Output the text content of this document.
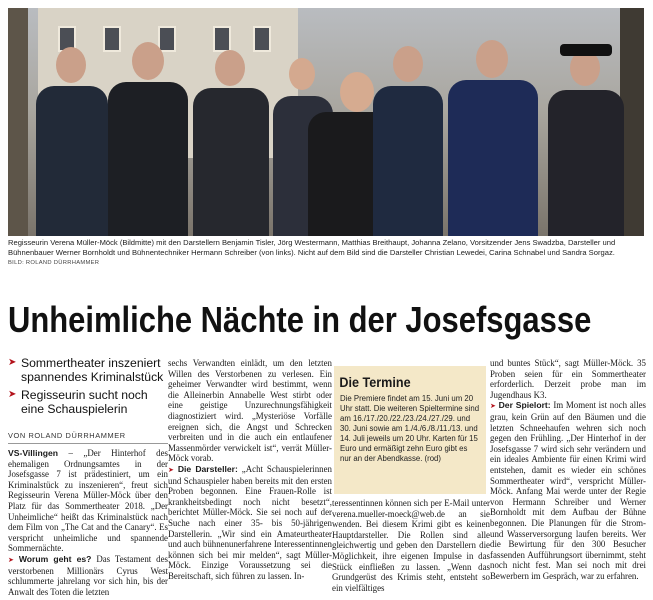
Regisseurin Verena Müller-Möck (Bildmitte) mit den Darstellern Benjamin Tisler, Jörg Westermann, Matthias Breithaupt, Johanna Zelano, Vorsitzender Jens Swadzba, Darsteller und Bühnenbauer Werner Bornholdt und Bühnentechniker Hermann Schreiber (von links). Nicht auf dem Bild sind die Darsteller Christian Lewedei, Carina Schnabel und Sandra Sorgaz.
BILD: ROLAND DÜRRHAMMER
Unheimliche Nächte in der Josefsgasse
➤ Sommertheater inszeniert spannendes Kriminalstück
➤ Regisseurin sucht noch eine Schauspielerin
VON ROLAND DÜRRHAMMER

VS-Villingen – „Der Hinterhof des ehemaligen Ordnungsamtes in der Josefsgasse 7 ist prädestiniert, um ein Kriminalstück zu inszenieren“, freut sich Regisseurin Verena Müller-Möck über den Platz für das Sommertheater 2018. „Der Unheimliche“ heißt das Kriminalstück nach dem Film von „The Cat and the Canary“. Es verspricht unheimliche und spannende Sommernächte.

➤ Worum geht es? Das Testament des verstorbenen Millionärs Cyrus West schlummerte jahrelang vor sich hin, bis der Anwalt des Toten die letzten

sechs Verwandten einlädt, um den letzten Willen des Verstorbenen zu verlesen. Ein geheimer Verwandter wird bestimmt, wenn die Alleinerbin Annabelle West stirbt oder eine geistige Unzurechnungsfähigkeit diagnostiziert wird. „Mysteriöse Vorfälle ereignen sich, die Angst und Schrecken verbreiten und in die auch ein entlaufener Massenmörder verwickelt ist“, verrät Müller-Möck vorab.

➤ Die Darsteller: „Acht Schauspielerinnen und Schauspieler haben bereits mit den ersten Proben begonnen. Eine Frauen-Rolle ist krankheitsbedingt noch nicht besetzt“, berichtet Müller-Möck. Sie sei noch auf der Suche nach einer 35- bis 50-jährigen Darstellerin. „Wir sind ein Amateurtheater und auch bühnenunerfahrene Interessentinnen können sich bei mir melden“, sagt Müller-Möck. Einzige Voraussetzung sei die Bereitschaft, sich führen zu lassen. In-

Die Termine
Die Premiere findet am 15. Juni um 20 Uhr statt. Die weiteren Spieltermine sind am 16./17./20./22./23./24./27./29. und 30. Juni sowie am 1./4./6./8./11./13. und 14. Juli jeweils um 20 Uhr. Karten für 15 Euro und ermäßigt zehn Euro gibt es nur an der Abendkasse. (rod)

teressentinnen können sich per E-Mail unter verena.mueller-moeck@web.de an sie wenden. Bei diesem Krimi gibt es keinen Hauptdarsteller. Die Rollen sind alle gleichwertig und geben den Darstellern die Möglichkeit, ihre eigenen Impulse in das Stück einfließen zu lassen. „Wenn das Grundgerüst des Krimis steht, entsteht so ein vielfältiges

und buntes Stück“, sagt Müller-Möck. 35 Proben seien für ein Sommertheater erforderlich. Derzeit probe man im Jugendhaus K3.

➤ Der Spielort: Im Moment ist noch alles grau, kein Grün auf den Bäumen und die letzten Schneehaufen wehren sich noch gegen den Frühling. „Der Hinterhof in der Josefsgasse 7 wird sich sehr verändern und ein ideales Ambiente für einen Krimi wird entstehen, damit es wieder ein schönes Sommertheater wird“, verspricht Müller-Möck. Anfang Mai werde unter der Regie von Hermann Schreiber und Werner Bornholdt mit dem Aufbau der Bühne begonnen. Die Planungen für die Strom- und Wasserversorgung laufen bereits. Wer die Bewirtung für den 300 Besucher fassenden Aufführungsort übernimmt, steht noch nicht fest. Man sei noch mit drei Bewerbern im Gespräch, war zu erfahren.
